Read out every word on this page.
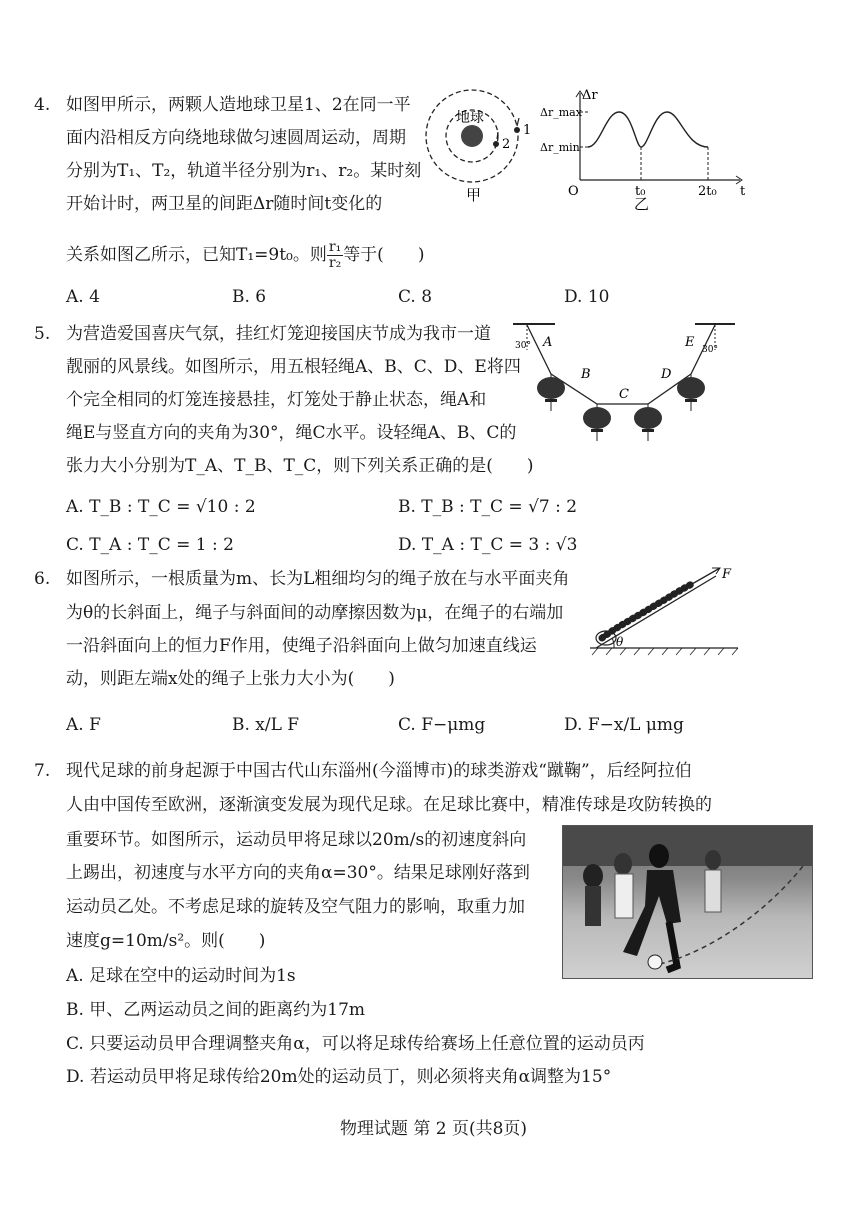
4. 如图甲所示，两颗人造地球卫星1、2在同一平
面内沿相反方向绕地球做匀速圆周运动，周期
分别为T₁、T₂，轨道半径分别为r₁、r₂。某时刻
开始计时，两卫星的间距Δr随时间t变化的
关系如图乙所示，已知T₁=9t₀。则 $\frac{\text{r₁}}{\text{r₂}}$ 等于(　　)
地球
1
2
甲
Δr
Δr_max
Δr_min
O	t₀	2t₀ t
乙
A. 4	B. 6	C. 8	D. 10
5. 为营造爱国喜庆气氛，挂红灯笼迎接国庆节成为我市一道
靓丽的风景线。如图所示，用五根轻绳A、B、C、D、E将四
个完全相同的灯笼连接悬挂，灯笼处于静止状态，绳A和
绳E与竖直方向的夹角为30°，绳C水平。设轻绳A、B、C的
张力大小分别为T_A、T_B、T_C，则下列关系正确的是(　　)
30°	30°
A
B
C
D
E
A. T_B : T_C = √10 : 2	B. T_B : T_C = √7 : 2
C. T_A : T_C = 1 : 2	D. T_A : T_C = 3 : √3
6. 如图所示，一根质量为m、长为L粗细均匀的绳子放在与水平面夹角
为θ的长斜面上，绳子与斜面间的动摩擦因数为μ，在绳子的右端加
一沿斜面向上的恒力F作用，使绳子沿斜面向上做匀加速直线运
动，则距左端x处的绳子上张力大小为(　　)
F
θ
A. F	B. x/L F	C. F−μmg	D. F−x/L μmg
7. 现代足球的前身起源于中国古代山东淄州(今淄博市)的球类游戏“蹴鞠”，后经阿拉伯
人由中国传至欧洲，逐渐演变发展为现代足球。在足球比赛中，精准传球是攻防转换的
重要环节。如图所示，运动员甲将足球以20m/s的初速度斜向
上踢出，初速度与水平方向的夹角α=30°。结果足球刚好落到
运动员乙处。不考虑足球的旋转及空气阻力的影响，取重力加
速度g=10m/s²。则(　　)
A. 足球在空中的运动时间为1s
B. 甲、乙两运动员之间的距离约为17m
C. 只要运动员甲合理调整夹角α，可以将足球传给赛场上任意位置的运动员丙
D. 若运动员甲将足球传给20m处的运动员丁，则必须将夹角α调整为15°
物理试题 第 2 页(共8页)
